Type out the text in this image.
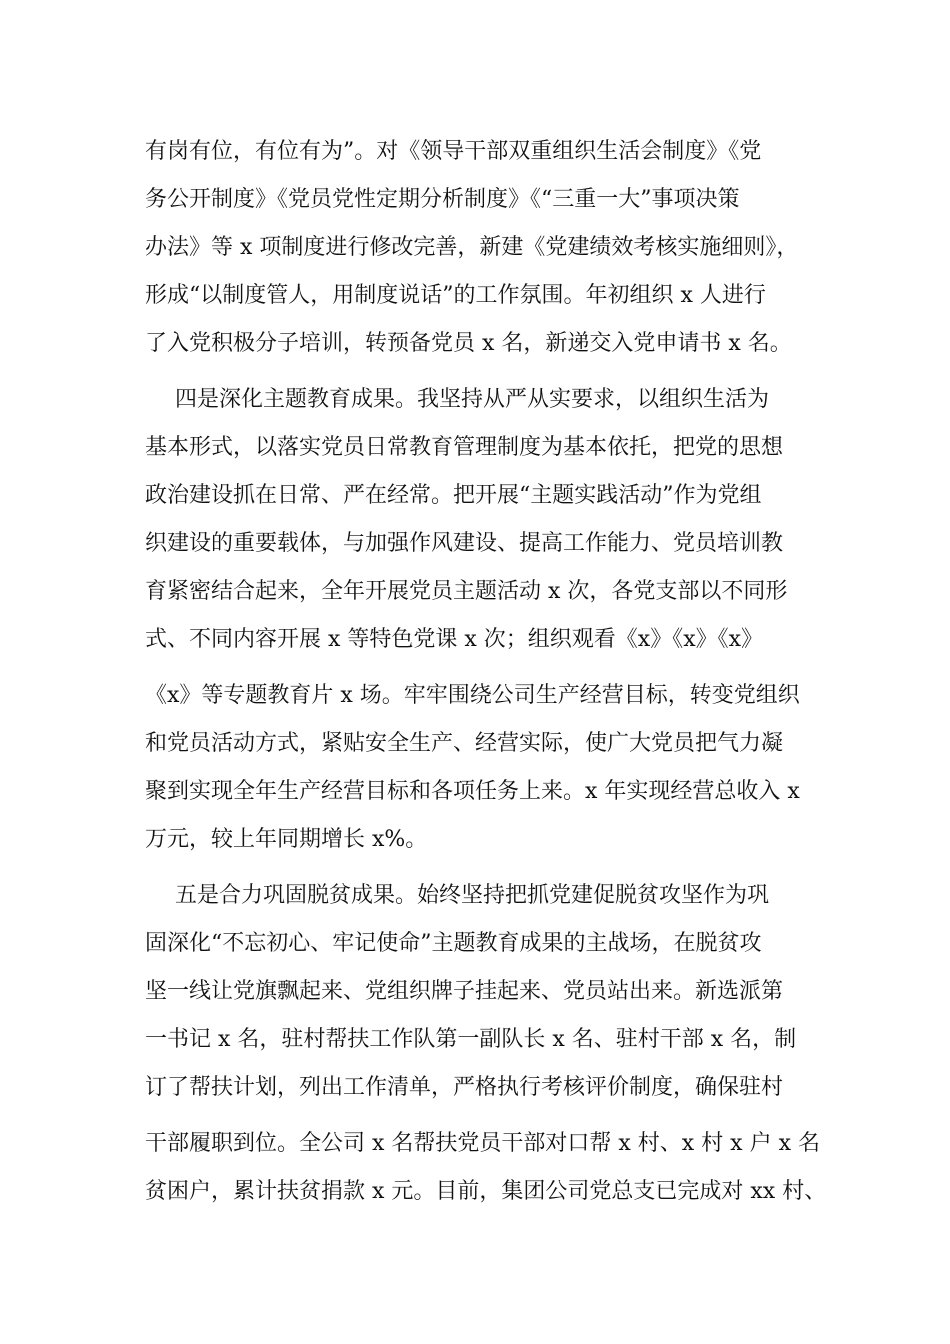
有岗有位，有位有为”。对《领导干部双重组织生活会制度》《党
务公开制度》《党员党性定期分析制度》《“三重一大”事项决策
办法》等 x 项制度进行修改完善，新建《党建绩效考核实施细则》，
形成“以制度管人，用制度说话”的工作氛围。年初组织 x 人进行
了入党积极分子培训，转预备党员 x 名，新递交入党申请书 x 名。
四是深化主题教育成果。我坚持从严从实要求，以组织生活为
基本形式，以落实党员日常教育管理制度为基本依托，把党的思想
政治建设抓在日常、严在经常。把开展“主题实践活动”作为党组
织建设的重要载体，与加强作风建设、提高工作能力、党员培训教
育紧密结合起来，全年开展党员主题活动 x 次，各党支部以不同形
式、不同内容开展 x 等特色党课 x 次；组织观看《x》《x》《x》
《x》等专题教育片 x 场。牢牢围绕公司生产经营目标，转变党组织
和党员活动方式，紧贴安全生产、经营实际，使广大党员把气力凝
聚到实现全年生产经营目标和各项任务上来。x 年实现经营总收入 x
万元，较上年同期增长 x%。
五是合力巩固脱贫成果。始终坚持把抓党建促脱贫攻坚作为巩
固深化“不忘初心、牢记使命”主题教育成果的主战场，在脱贫攻
坚一线让党旗飘起来、党组织牌子挂起来、党员站出来。新选派第
一书记 x 名，驻村帮扶工作队第一副队长 x 名、驻村干部 x 名，制
订了帮扶计划，列出工作清单，严格执行考核评价制度，确保驻村
干部履职到位。全公司 x 名帮扶党员干部对口帮 x 村、x 村 x 户 x 名
贫困户，累计扶贫捐款 x 元。目前，集团公司党总支已完成对 xx 村、
